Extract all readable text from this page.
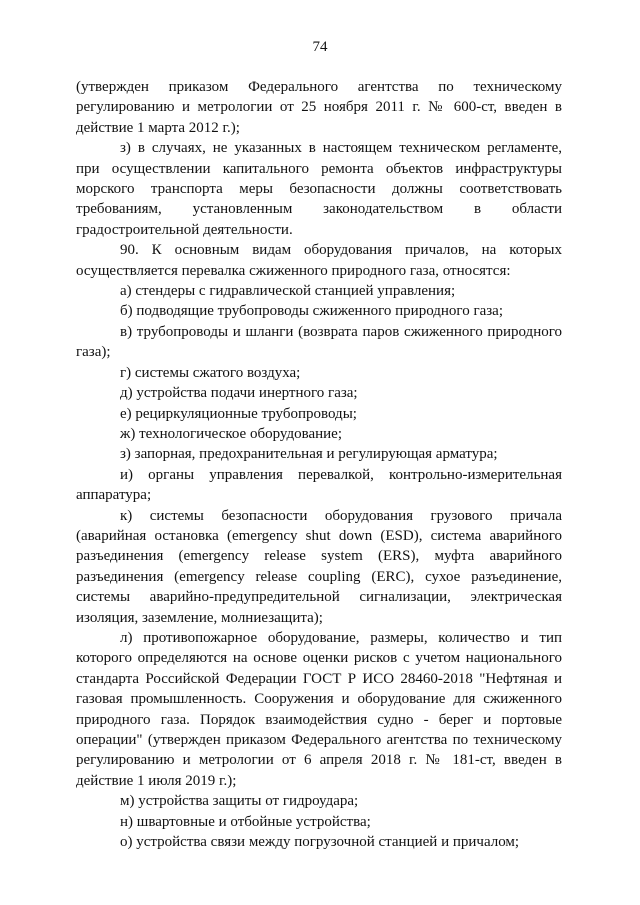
74

(утвержден приказом Федерального агентства по техническому регулированию и метрологии от 25 ноября 2011 г. № 600-ст, введен в действие 1 марта 2012 г.);

з) в случаях, не указанных в настоящем техническом регламенте, при осуществлении капитального ремонта объектов инфраструктуры морского транспорта меры безопасности должны соответствовать требованиям, установленным законодательством в области градостроительной деятельности.

90. К основным видам оборудования причалов, на которых осуществляется перевалка сжиженного природного газа, относятся:

а) стендеры с гидравлической станцией управления;

б) подводящие трубопроводы сжиженного природного газа;

в) трубопроводы и шланги (возврата паров сжиженного природного газа);

г) системы сжатого воздуха;

д) устройства подачи инертного газа;

е) рециркуляционные трубопроводы;

ж) технологическое оборудование;

з) запорная, предохранительная и регулирующая арматура;

и) органы управления перевалкой, контрольно-измерительная аппаратура;

к) системы безопасности оборудования грузового причала (аварийная остановка (emergency shut down (ESD), система аварийного разъединения (emergency release system (ERS), муфта аварийного разъединения (emergency release coupling (ERC), сухое разъединение, системы аварийно-предупредительной сигнализации, электрическая изоляция, заземление, молниезащита);

л) противопожарное оборудование, размеры, количество и тип которого определяются на основе оценки рисков с учетом национального стандарта Российской Федерации ГОСТ Р ИСО 28460-2018 "Нефтяная и газовая промышленность. Сооружения и оборудование для сжиженного природного газа. Порядок взаимодействия судно - берег и портовые операции" (утвержден приказом Федерального агентства по техническому регулированию и метрологии от 6 апреля 2018 г. № 181-ст, введен в действие 1 июля 2019 г.);

м) устройства защиты от гидроудара;

н) швартовные и отбойные устройства;

о) устройства связи между погрузочной станцией и причалом;
